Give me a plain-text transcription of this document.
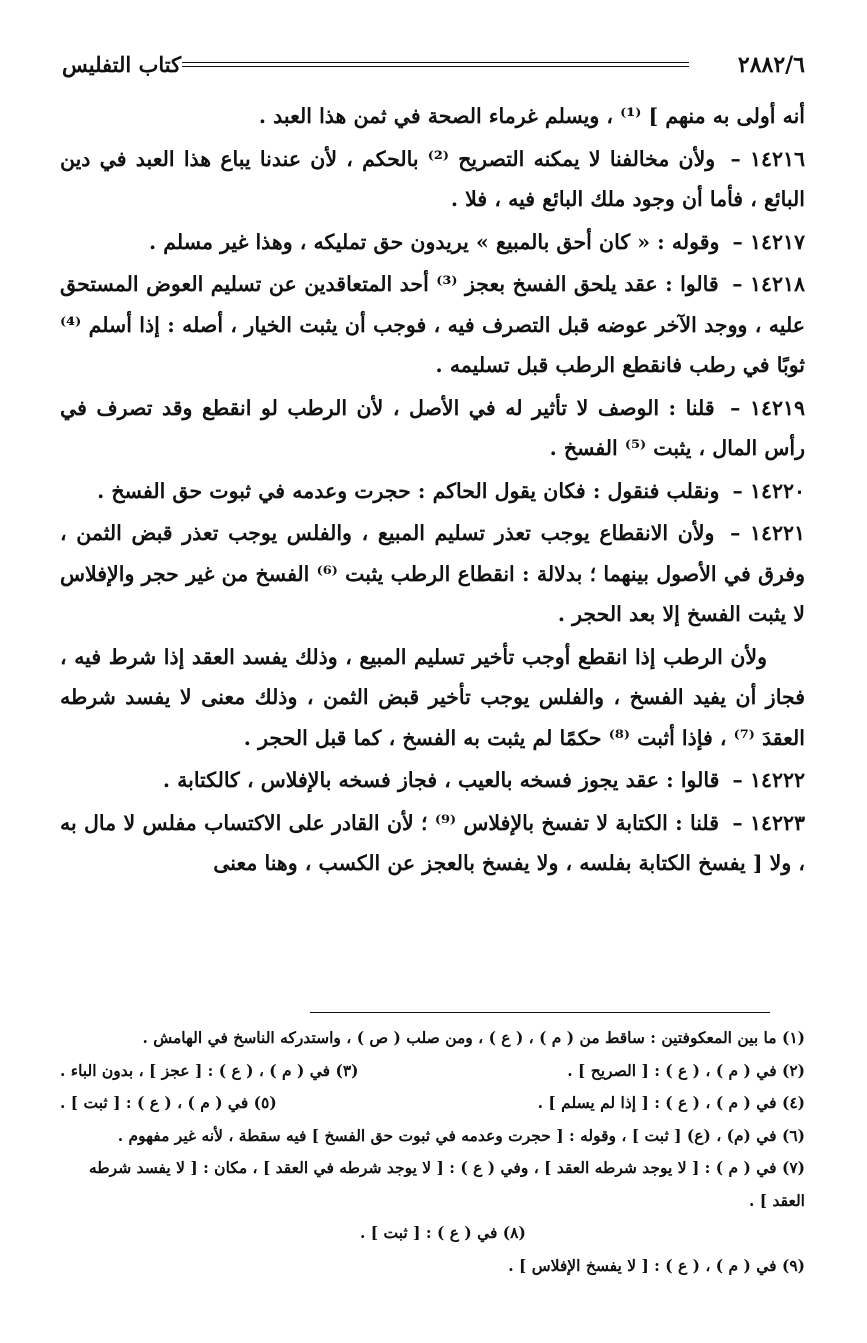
٢٨٨٢/٦
كتاب التفليس

أنه أولى به منهم ] ⁽¹⁾ ، ويسلم غرماء الصحة في ثمن هذا العبد .

١٤٢١٦ – ولأن مخالفنا لا يمكنه التصريح ⁽²⁾ بالحكم ، لأن عندنا يباع هذا العبد في دين البائع ، فأما أن وجود ملك البائع فيه ، فلا .

١٤٢١٧ – وقوله : « كان أحق بالمبيع » يريدون حق تمليكه ، وهذا غير مسلم .

١٤٢١٨ – قالوا : عقد يلحق الفسخ بعجز ⁽³⁾ أحد المتعاقدين عن تسليم العوض المستحق عليه ، ووجد الآخر عوضه قبل التصرف فيه ، فوجب أن يثبت الخيار ، أصله : إذا أسلم ⁽⁴⁾ ثوبًا في رطب فانقطع الرطب قبل تسليمه .

١٤٢١٩ – قلنا : الوصف لا تأثير له في الأصل ، لأن الرطب لو انقطع وقد تصرف في رأس المال ، يثبت ⁽⁵⁾ الفسخ .

١٤٢٢٠ – ونقلب فنقول : فكان يقول الحاكم : حجرت وعدمه في ثبوت حق الفسخ .

١٤٢٢١ – ولأن الانقطاع يوجب تعذر تسليم المبيع ، والفلس يوجب تعذر قبض الثمن ، وفرق في الأصول بينهما ؛ بدلالة : انقطاع الرطب يثبت ⁽⁶⁾ الفسخ من غير حجر والإفلاس لا يثبت الفسخ إلا بعد الحجر .

ولأن الرطب إذا انقطع أوجب تأخير تسليم المبيع ، وذلك يفسد العقد إذا شرط فيه ، فجاز أن يفيد الفسخ ، والفلس يوجب تأخير قبض الثمن ، وذلك معنى لا يفسد شرطه العقدَ ⁽⁷⁾ ، فإذا أثبت ⁽⁸⁾ حكمًا لم يثبت به الفسخ ، كما قبل الحجر .

١٤٢٢٢ – قالوا : عقد يجوز فسخه بالعيب ، فجاز فسخه بالإفلاس ، كالكتابة .

١٤٢٢٣ – قلنا : الكتابة لا تفسخ بالإفلاس ⁽⁹⁾ ؛ لأن القادر على الاكتساب مفلس لا مال به ، ولا [ يفسخ الكتابة بفلسه ، ولا يفسخ بالعجز عن الكسب ، وهنا معنى

(١) ما بين المعكوفتين : ساقط من ( م ) ، ( ع ) ، ومن صلب ( ص ) ، واستدركه الناسخ في الهامش .
(٢) في ( م ) ، ( ع ) : [ الصريح ] .
(٣) في ( م ) ، ( ع ) : [ عجز ] ، بدون الباء .
(٤) في ( م ) ، ( ع ) : [ إذا لم يسلم ] .
(٥) في ( م ) ، ( ع ) : [ ثبت ] .
(٦) في (م) ، (ع) [ ثبت ] ، وقوله : [ حجرت وعدمه في ثبوت حق الفسخ ] فيه سقطة ، لأنه غير مفهوم .
(٧) في ( م ) : [ لا يوجد شرطه العقد ] ، وفي ( ع ) : [ لا يوجد شرطه في العقد ] ، مكان : [ لا يفسد شرطه العقد ] .
(٨) في ( ع ) : [ ثبت ] .
(٩) في ( م ) ، ( ع ) : [ لا يفسخ الإفلاس ] .
